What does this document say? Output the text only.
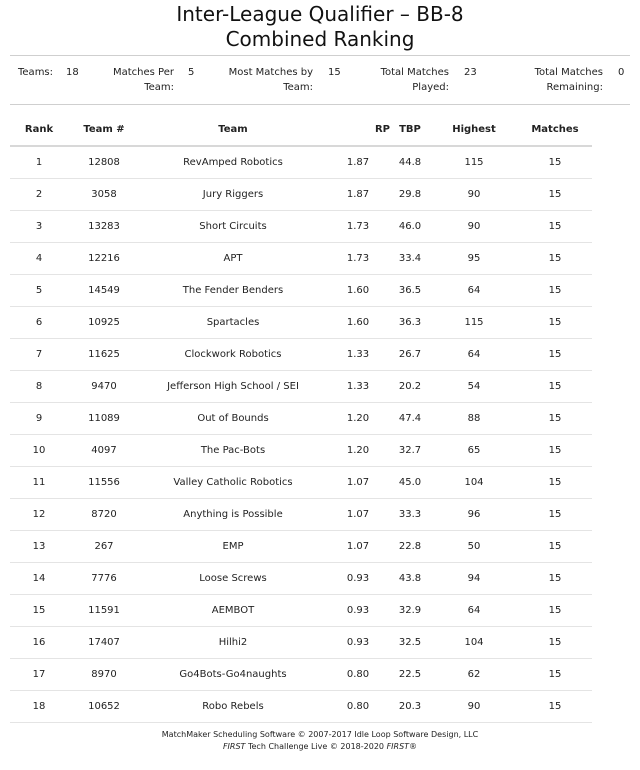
Inter-League Qualifier – BB-8
Combined Ranking
Teams: 18	Matches Per
Team:
5	Most Matches by
Team:
15	Total Matches
Played:
23	Total Matches
Remaining:
0
Rank	Team #	Team	RP	TBP	Highest	Matches
1	12808	RevAmped Robotics	1.87	44.8	115	15
2	3058	Jury Riggers	1.87	29.8	90	15
3	13283	Short Circuits	1.73	46.0	90	15
4	12216	APT	1.73	33.4	95	15
5	14549	The Fender Benders	1.60	36.5	64	15
6	10925	Spartacles	1.60	36.3	115	15
7	11625	Clockwork Robotics	1.33	26.7	64	15
8	9470	Jefferson High School / SEI	1.33	20.2	54	15
9	11089	Out of Bounds	1.20	47.4	88	15
10	4097	The Pac-Bots	1.20	32.7	65	15
11	11556	Valley Catholic Robotics	1.07	45.0	104	15
12	8720	Anything is Possible	1.07	33.3	96	15
13	267	EMP	1.07	22.8	50	15
14	7776	Loose Screws	0.93	43.8	94	15
15	11591	AEMBOT	0.93	32.9	64	15
16	17407	Hilhi2	0.93	32.5	104	15
17	8970	Go4Bots-Go4naughts	0.80	22.5	62	15
18	10652	Robo Rebels	0.80	20.3	90	15
MatchMaker Scheduling Software © 2007-2017 Idle Loop Software Design, LLC
FIRST Tech Challenge Live © 2018-2020 FIRST®
